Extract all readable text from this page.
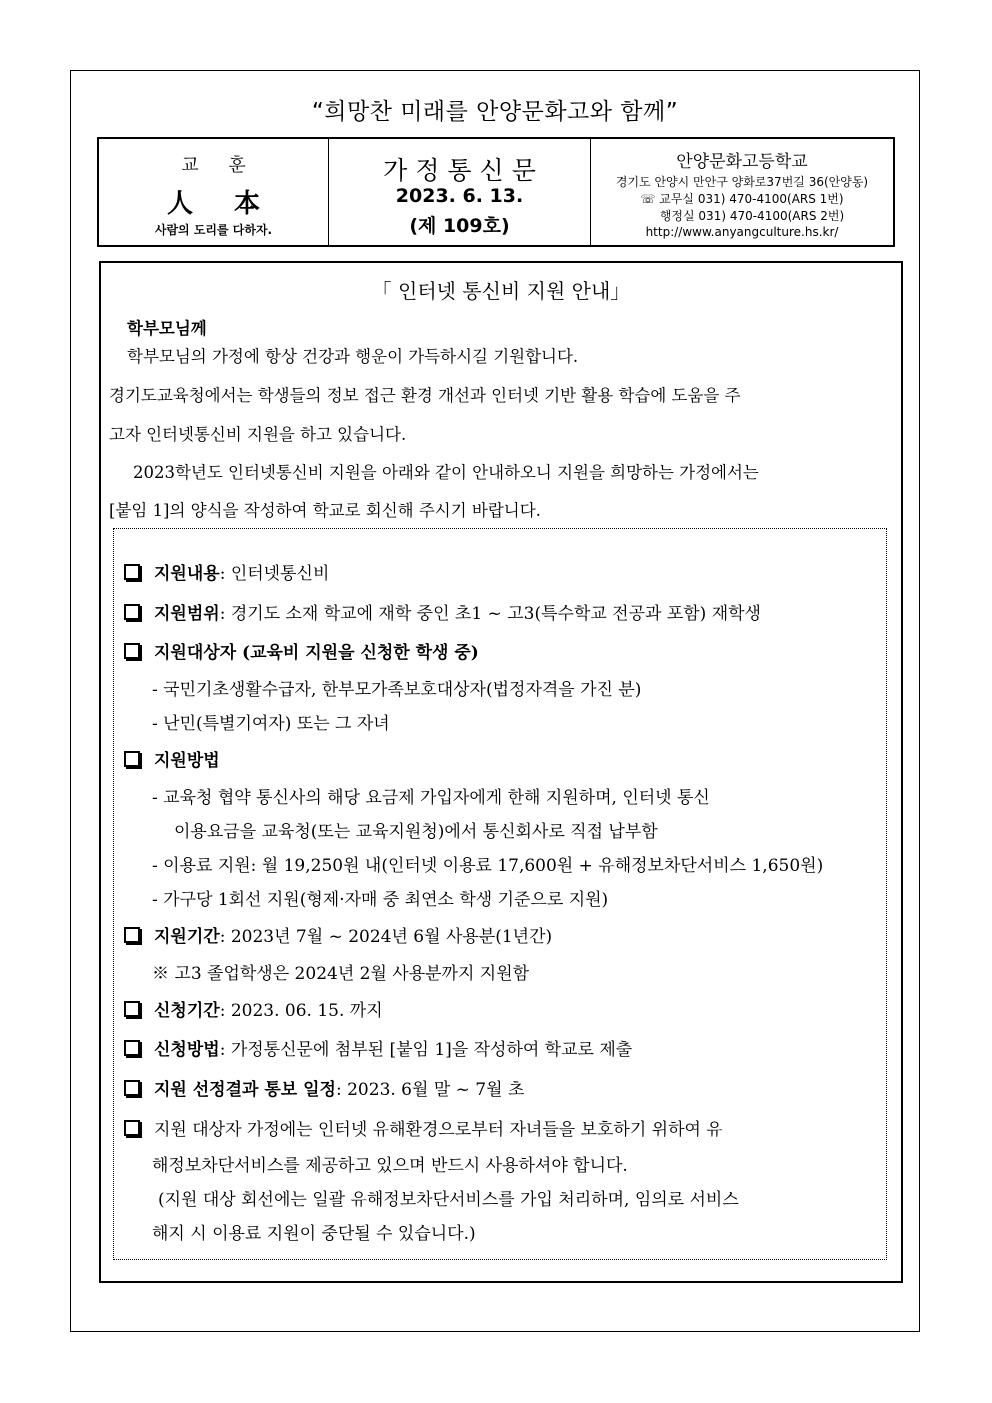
“희망찬 미래를 안양문화고와 함께”
교 훈
人 本
사람의 도리를 다하자.
가정통신문
2023. 6. 13.
(제 109호)
안양문화고등학교
경기도 안양시 만안구 양화로37번길 36(안양동)
☏ 교무실 031) 470-4100(ARS 1번)
행정실 031) 470-4100(ARS 2번)
http://www.anyangculture.hs.kr/
「 인터넷 통신비 지원 안내」
학부모님께
학부모님의 가정에 항상 건강과 행운이 가득하시길 기원합니다.
경기도교육청에서는 학생들의 정보 접근 환경 개선과 인터넷 기반 활용 학습에 도움을 주
고자 인터넷통신비 지원을 하고 있습니다.
2023학년도 인터넷통신비 지원을 아래와 같이 안내하오니 지원을 희망하는 가정에서는
[붙임 1]의 양식을 작성하여 학교로 회신해 주시기 바랍니다.
지원내용: 인터넷통신비
지원범위: 경기도 소재 학교에 재학 중인 초1 ~ 고3(특수학교 전공과 포함) 재학생
지원대상자 (교육비 지원을 신청한 학생 중)
- 국민기초생활수급자, 한부모가족보호대상자(법정자격을 가진 분)
- 난민(특별기여자) 또는 그 자녀
지원방법
- 교육청 협약 통신사의 해당 요금제 가입자에게 한해 지원하며, 인터넷 통신
이용요금을 교육청(또는 교육지원청)에서 통신회사로 직접 납부함
- 이용료 지원: 월 19,250원 내(인터넷 이용료 17,600원 + 유해정보차단서비스 1,650원)
- 가구당 1회선 지원(형제·자매 중 최연소 학생 기준으로 지원)
지원기간: 2023년 7월 ~ 2024년 6월 사용분(1년간)
※ 고3 졸업학생은 2024년 2월 사용분까지 지원함
신청기간: 2023. 06. 15. 까지
신청방법: 가정통신문에 첨부된 [붙임 1]을 작성하여 학교로 제출
지원 선정결과 통보 일정: 2023. 6월 말 ~ 7월 초
지원 대상자 가정에는 인터넷 유해환경으로부터 자녀들을 보호하기 위하여 유
해정보차단서비스를 제공하고 있으며 반드시 사용하셔야 합니다.
(지원 대상 회선에는 일괄 유해정보차단서비스를 가입 처리하며, 임의로 서비스
해지 시 이용료 지원이 중단될 수 있습니다.)
